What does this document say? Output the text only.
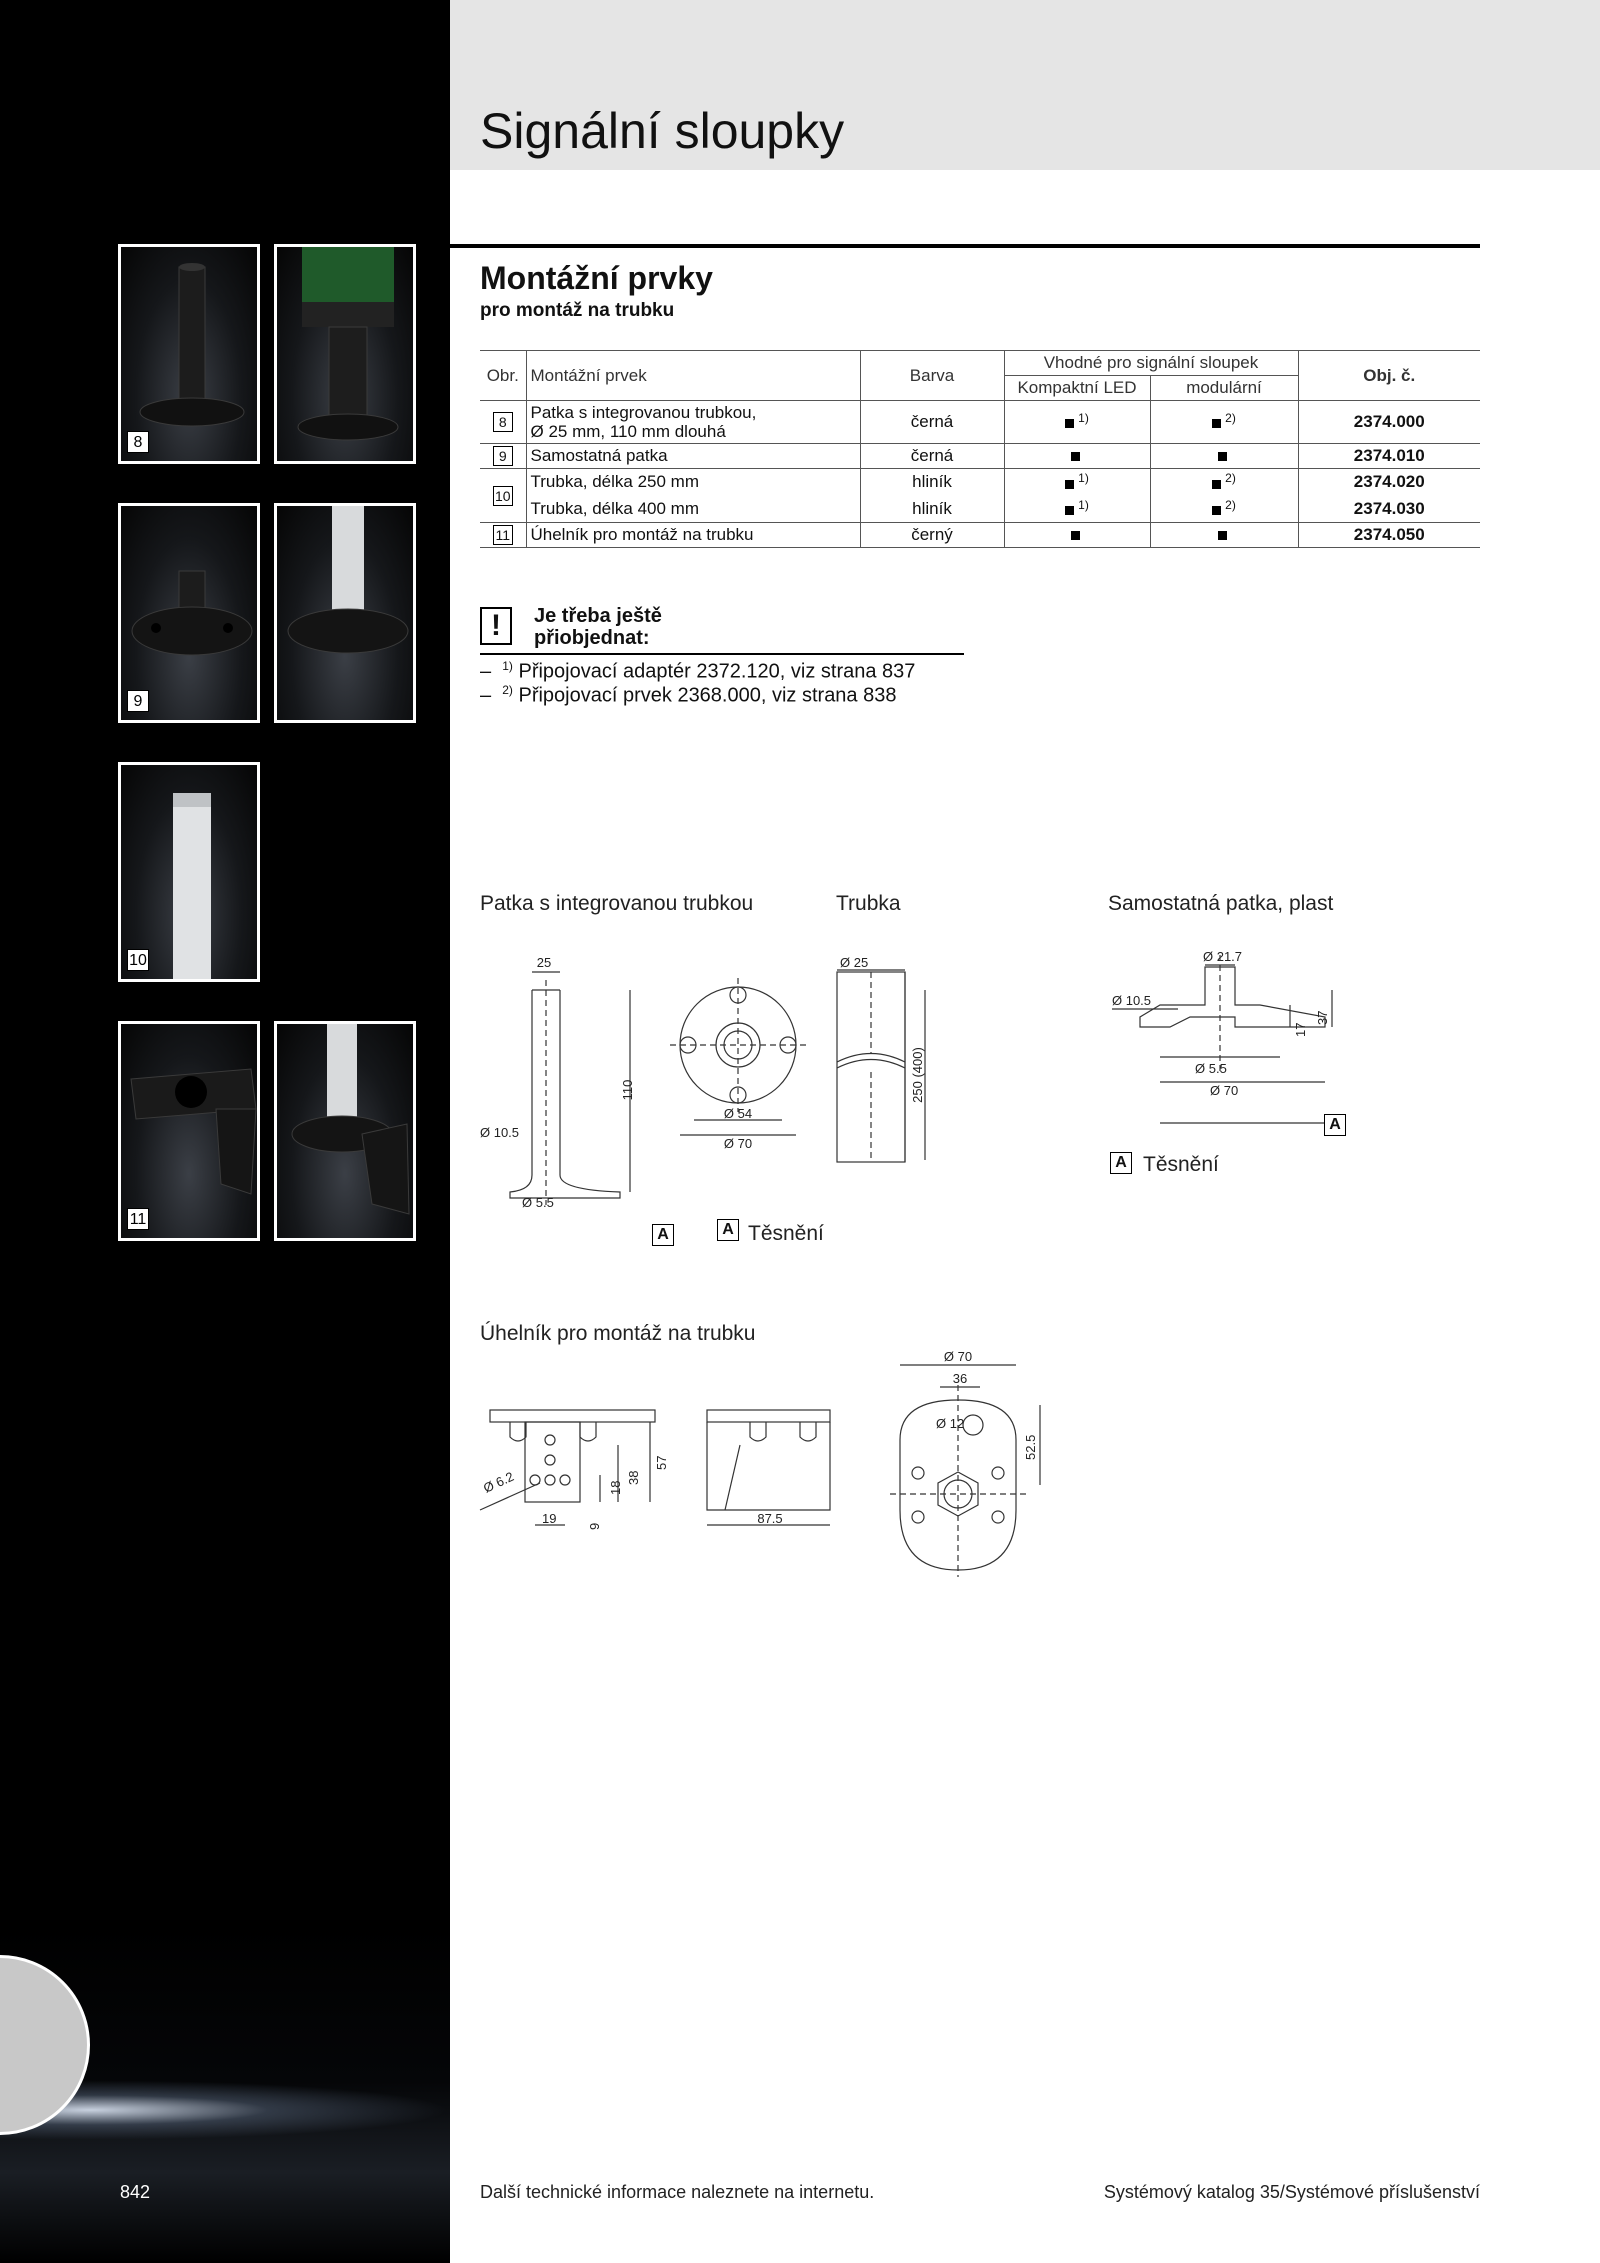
842
8
9
10
11
Signální sloupky
Montážní prvky
pro montáž na trubku
Obr.	Montážní prvek	Barva	Vhodné pro signální sloupek		Obj. č.
			Kompaktní LED	modulární	
8	Patka s integrovanou trubkou,
Ø 25 mm, 110 mm dlouhá	černá	$^{1)}$	$^{2)}$	2374.000
9	Samostatná patka	černá			2374.010
10	Trubka, délka 250 mm	hliník	$^{1)}$	$^{2)}$	2374.020
	Trubka, délka 400 mm	hliník	$^{1)}$	$^{2)}$	2374.030
11	Úhelník pro montáž na trubku	černý			2374.050
!	Je třeba ještě přiobjednat:
– $^{1)}$ Připojovací adaptér 2372.120, viz strana 837
– $^{2)}$ Připojovací prvek 2368.000, viz strana 838
Patka s integrovanou trubkou	Trubka	Samostatná patka, plast
Úhelník pro montáž na trubku
25
110
Ø 10.5
Ø 5.5
Ø 54
Ø 70
A	A Těsnění
Ø 25
250 (400)
Ø 21.7
Ø 10.5
17
37
Ø 5.5
Ø 70
A
A Těsnění
Ø 6.2	38
57
18
19
9
87.5
Ø 70
36
Ø 12
52.5
Další technické informace naleznete na internetu.	Systémový katalog 35/Systémové příslušenství
